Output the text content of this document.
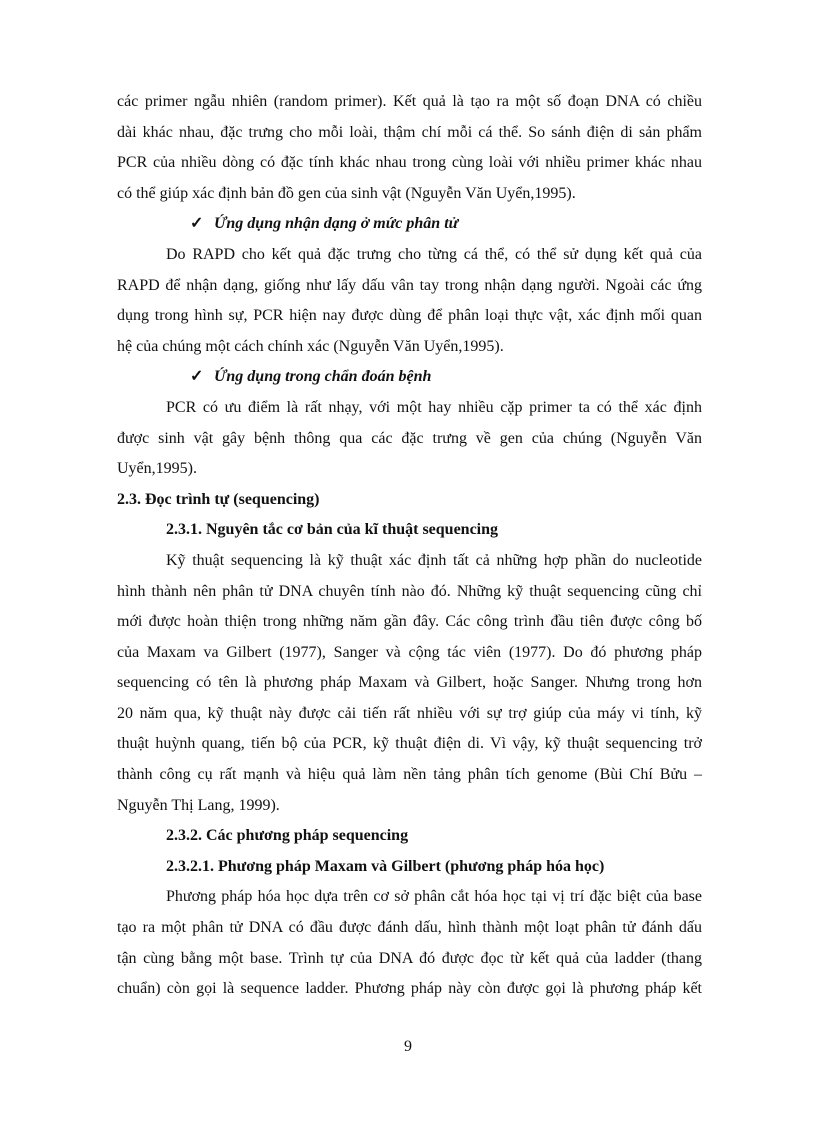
các primer ngẫu nhiên (random primer). Kết quả là tạo ra một số đoạn DNA có chiều
dài khác nhau, đặc trưng cho mỗi loài, thậm chí mỗi cá thể. So sánh điện di sản phẩm
PCR của nhiều dòng có đặc tính khác nhau trong cùng loài với nhiều primer khác nhau
có thể giúp xác định bản đồ gen của sinh vật (Nguyễn Văn Uyển,1995).
✓ Ứng dụng nhận dạng ở mức phân tử
Do RAPD cho kết quả đặc trưng cho từng cá thể, có thể sử dụng kết quả của
RAPD để nhận dạng, giống như lấy dấu vân tay trong nhận dạng người. Ngoài các ứng
dụng trong hình sự, PCR hiện nay được dùng để phân loại thực vật, xác định mối quan
hệ của chúng một cách chính xác (Nguyễn Văn Uyển,1995).
✓ Ứng dụng trong chẩn đoán bệnh
PCR có ưu điểm là rất nhạy, với một hay nhiều cặp primer ta có thể xác định
được sinh vật gây bệnh thông qua các đặc trưng về gen của chúng (Nguyễn Văn
Uyển,1995).
2.3. Đọc trình tự (sequencing)
2.3.1. Nguyên tắc cơ bản của kĩ thuật sequencing
Kỹ thuật sequencing là kỹ thuật xác định tất cả những hợp phần do nucleotide
hình thành nên phân tử DNA chuyên tính nào đó. Những kỹ thuật sequencing cũng chỉ
mới được hoàn thiện trong những năm gần đây. Các công trình đầu tiên được công bố
của Maxam va Gilbert (1977), Sanger và cộng tác viên (1977). Do đó phương pháp
sequencing có tên là phương pháp Maxam và Gilbert, hoặc Sanger. Nhưng trong hơn
20 năm qua, kỹ thuật này được cải tiến rất nhiều với sự trợ giúp của máy vi tính, kỹ
thuật huỳnh quang, tiến bộ của PCR, kỹ thuật điện di. Vì vậy, kỹ thuật sequencing trở
thành công cụ rất mạnh và hiệu quả làm nền tảng phân tích genome (Bùi Chí Bửu –
Nguyễn Thị Lang, 1999).
2.3.2. Các phương pháp sequencing
2.3.2.1. Phương pháp Maxam và Gilbert (phương pháp hóa học)
Phương pháp hóa học dựa trên cơ sở phân cắt hóa học tại vị trí đặc biệt của base
tạo ra một phân tử DNA có đầu được đánh dấu, hình thành một loạt phân tử đánh dấu
tận cùng bằng một base. Trình tự của DNA đó được đọc từ kết quả của ladder (thang
chuẩn) còn gọi là sequence ladder. Phương pháp này còn được gọi là phương pháp kết
9
